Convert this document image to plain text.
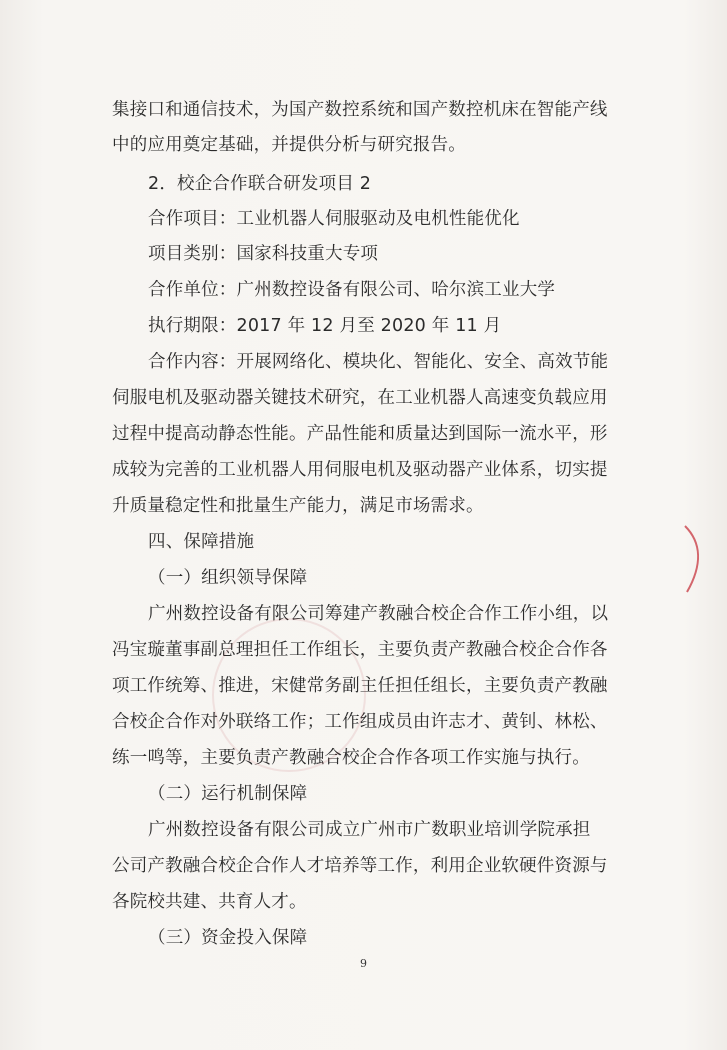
集接口和通信技术，为国产数控系统和国产数控机床在智能产线
中的应用奠定基础，并提供分析与研究报告。
2．校企合作联合研发项目 2
合作项目：工业机器人伺服驱动及电机性能优化
项目类别：国家科技重大专项
合作单位：广州数控设备有限公司、哈尔滨工业大学
执行期限：2017 年 12 月至 2020 年 11 月
合作内容：开展网络化、模块化、智能化、安全、高效节能
伺服电机及驱动器关键技术研究，在工业机器人高速变负载应用
过程中提高动静态性能。产品性能和质量达到国际一流水平，形
成较为完善的工业机器人用伺服电机及驱动器产业体系，切实提
升质量稳定性和批量生产能力，满足市场需求。
四、保障措施
（一）组织领导保障
广州数控设备有限公司筹建产教融合校企合作工作小组，以
冯宝璇董事副总理担任工作组长，主要负责产教融合校企合作各
项工作统筹、推进，宋健常务副主任担任组长，主要负责产教融
合校企合作对外联络工作；工作组成员由许志才、黄钊、林松、
练一鸣等，主要负责产教融合校企合作各项工作实施与执行。
（二）运行机制保障
广州数控设备有限公司成立广州市广数职业培训学院承担
公司产教融合校企合作人才培养等工作，利用企业软硬件资源与
各院校共建、共育人才。
（三）资金投入保障
9
